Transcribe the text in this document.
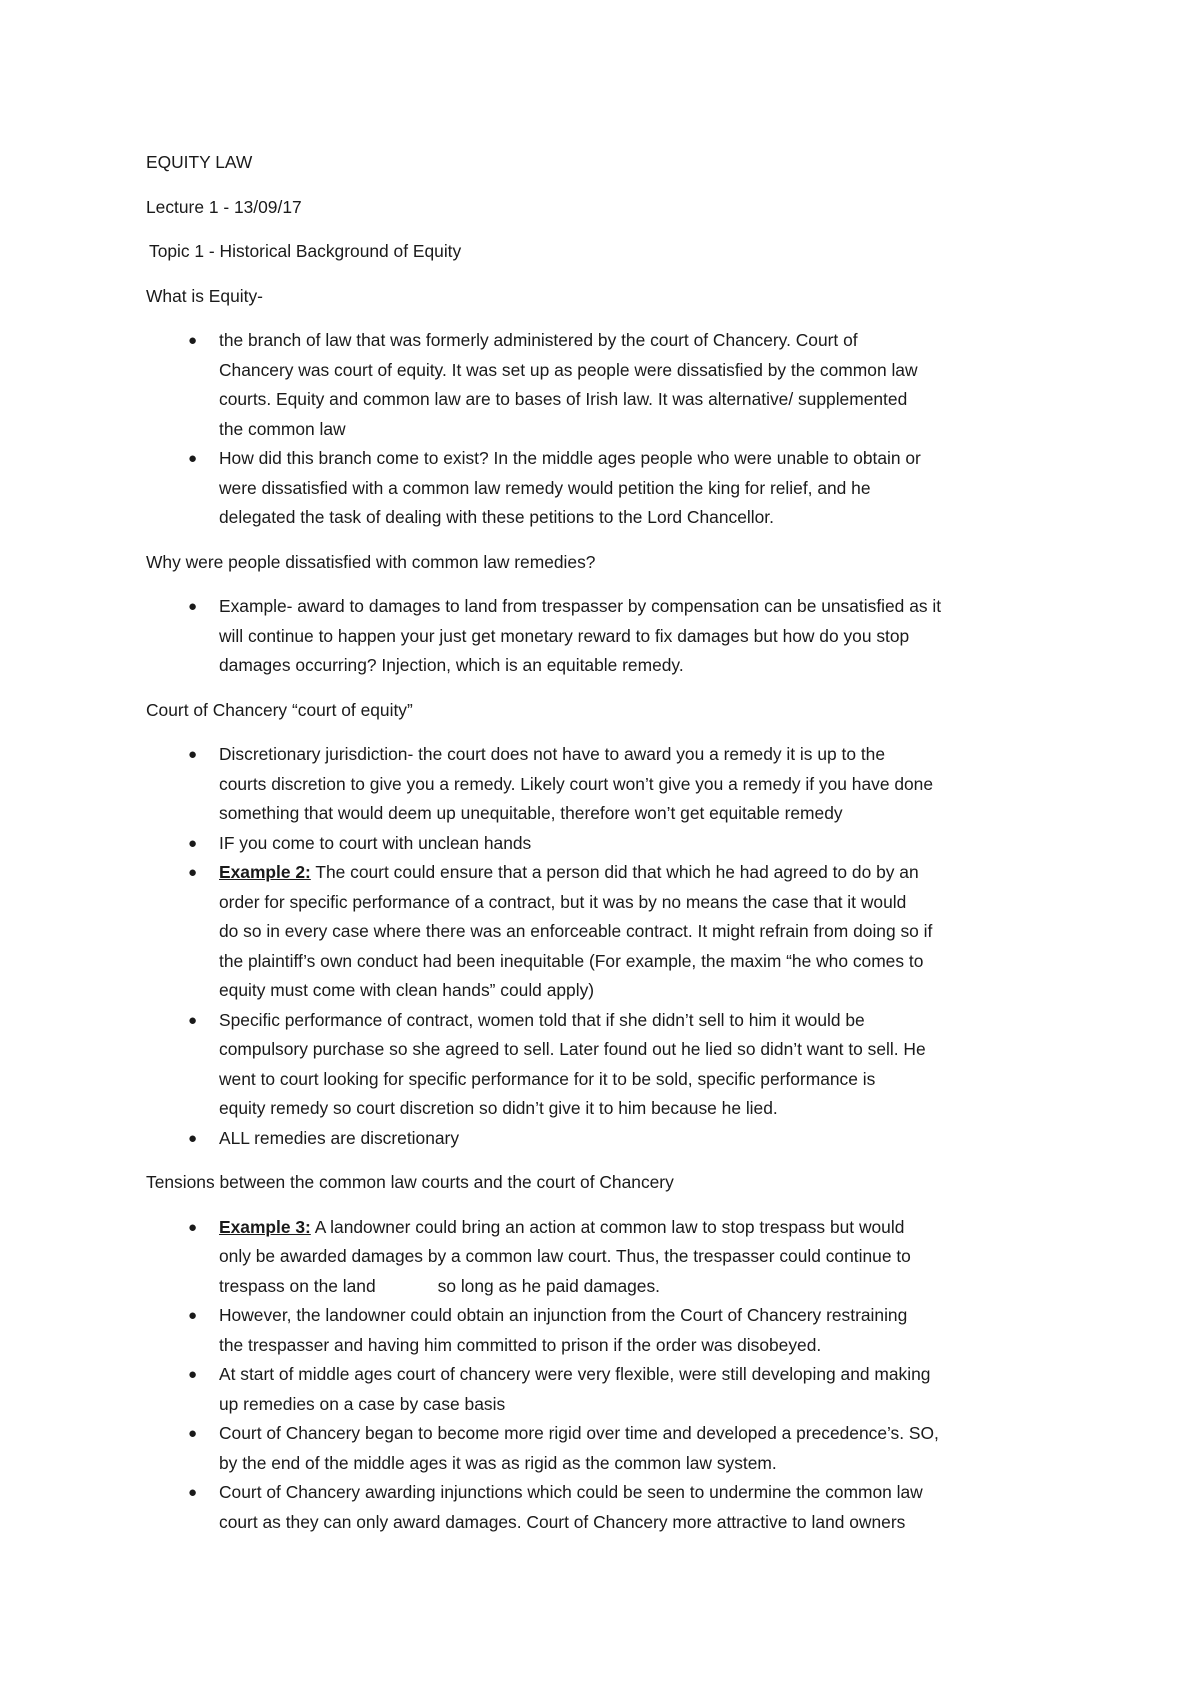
EQUITY LAW

Lecture 1 - 13/09/17

Topic 1 - Historical Background of Equity

What is Equity-

● the branch of law that was formerly administered by the court of Chancery. Court of
Chancery was court of equity. It was set up as people were dissatisfied by the common law
courts. Equity and common law are to bases of Irish law. It was alternative/ supplemented
the common law
● How did this branch come to exist? In the middle ages people who were unable to obtain or
were dissatisfied with a common law remedy would petition the king for relief, and he
delegated the task of dealing with these petitions to the Lord Chancellor.

Why were people dissatisfied with common law remedies?

● Example- award to damages to land from trespasser by compensation can be unsatisfied as it
will continue to happen your just get monetary reward to fix damages but how do you stop
damages occurring? Injection, which is an equitable remedy.

Court of Chancery “court of equity”

● Discretionary jurisdiction- the court does not have to award you a remedy it is up to the
courts discretion to give you a remedy. Likely court won’t give you a remedy if you have done
something that would deem up unequitable, therefore won’t get equitable remedy
● IF you come to court with unclean hands
● Example 2: The court could ensure that a person did that which he had agreed to do by an
order for specific performance of a contract, but it was by no means the case that it would
do so in every case where there was an enforceable contract. It might refrain from doing so if
the plaintiff’s own conduct had been inequitable (For example, the maxim “he who comes to
equity must come with clean hands” could apply)
● Specific performance of contract, women told that if she didn’t sell to him it would be
compulsory purchase so she agreed to sell. Later found out he lied so didn’t want to sell. He
went to court looking for specific performance for it to be sold, specific performance is
equity remedy so court discretion so didn’t give it to him because he lied.
● ALL remedies are discretionary

Tensions between the common law courts and the court of Chancery

● Example 3: A landowner could bring an action at common law to stop trespass but would
only be awarded damages by a common law court. Thus, the trespasser could continue to
trespass on the land	so long as he paid damages.
● However, the landowner could obtain an injunction from the Court of Chancery restraining
the trespasser and having him committed to prison if the order was disobeyed.
● At start of middle ages court of chancery were very flexible, were still developing and making
up remedies on a case by case basis
● Court of Chancery began to become more rigid over time and developed a precedence’s. SO,
by the end of the middle ages it was as rigid as the common law system.
● Court of Chancery awarding injunctions which could be seen to undermine the common law
court as they can only award damages. Court of Chancery more attractive to land owners
